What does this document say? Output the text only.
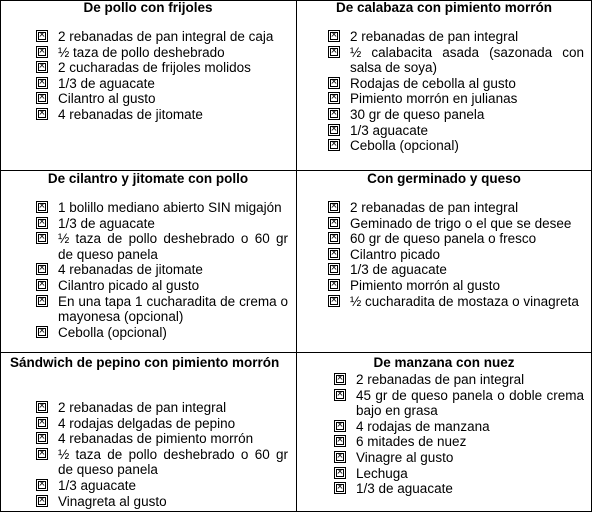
De pollo con frijoles
×
2 rebanadas de pan integral de caja
×
½ taza de pollo deshebrado
×
2 cucharadas de frijoles molidos
×
1/3 de aguacate
×
Cilantro al gusto
×
4 rebanadas de jitomate
De calabaza con pimiento morrón
×
2 rebanadas de pan integral
×
½ calabacita asada (sazonada con salsa de soya)
×
Rodajas de cebolla al gusto
×
Pimiento morrón en julianas
×
30 gr de queso panela
×
1/3 aguacate
×
Cebolla (opcional)
De cilantro y jitomate con pollo
×
1 bolillo mediano abierto SIN migajón
×
1/3 de aguacate
×
½ taza de pollo deshebrado o 60 gr de queso panela
×
4 rebanadas de jitomate
×
Cilantro picado al gusto
×
En una tapa 1 cucharadita de crema o mayonesa (opcional)
×
Cebolla (opcional)
Con germinado y queso
×
2 rebanadas de pan integral
×
Geminado de trigo o el que se desee
×
60 gr de queso panela o fresco
×
Cilantro picado
×
1/3 de aguacate
×
Pimiento morrón al gusto
×
½ cucharadita de mostaza o vinagreta
Sándwich de pepino con pimiento morrón
×
2 rebanadas de pan integral
×
4 rodajas delgadas de pepino
×
4 rebanadas de pimiento morrón
×
½ taza de pollo deshebrado o 60 gr de queso panela
×
1/3 aguacate
×
Vinagreta al gusto
De manzana con nuez
×
2 rebanadas de pan integral
×
45 gr de queso panela o doble crema bajo en grasa
×
4 rodajas de manzana
×
6 mitades de nuez
×
Vinagre al gusto
×
Lechuga
×
1/3 de aguacate
